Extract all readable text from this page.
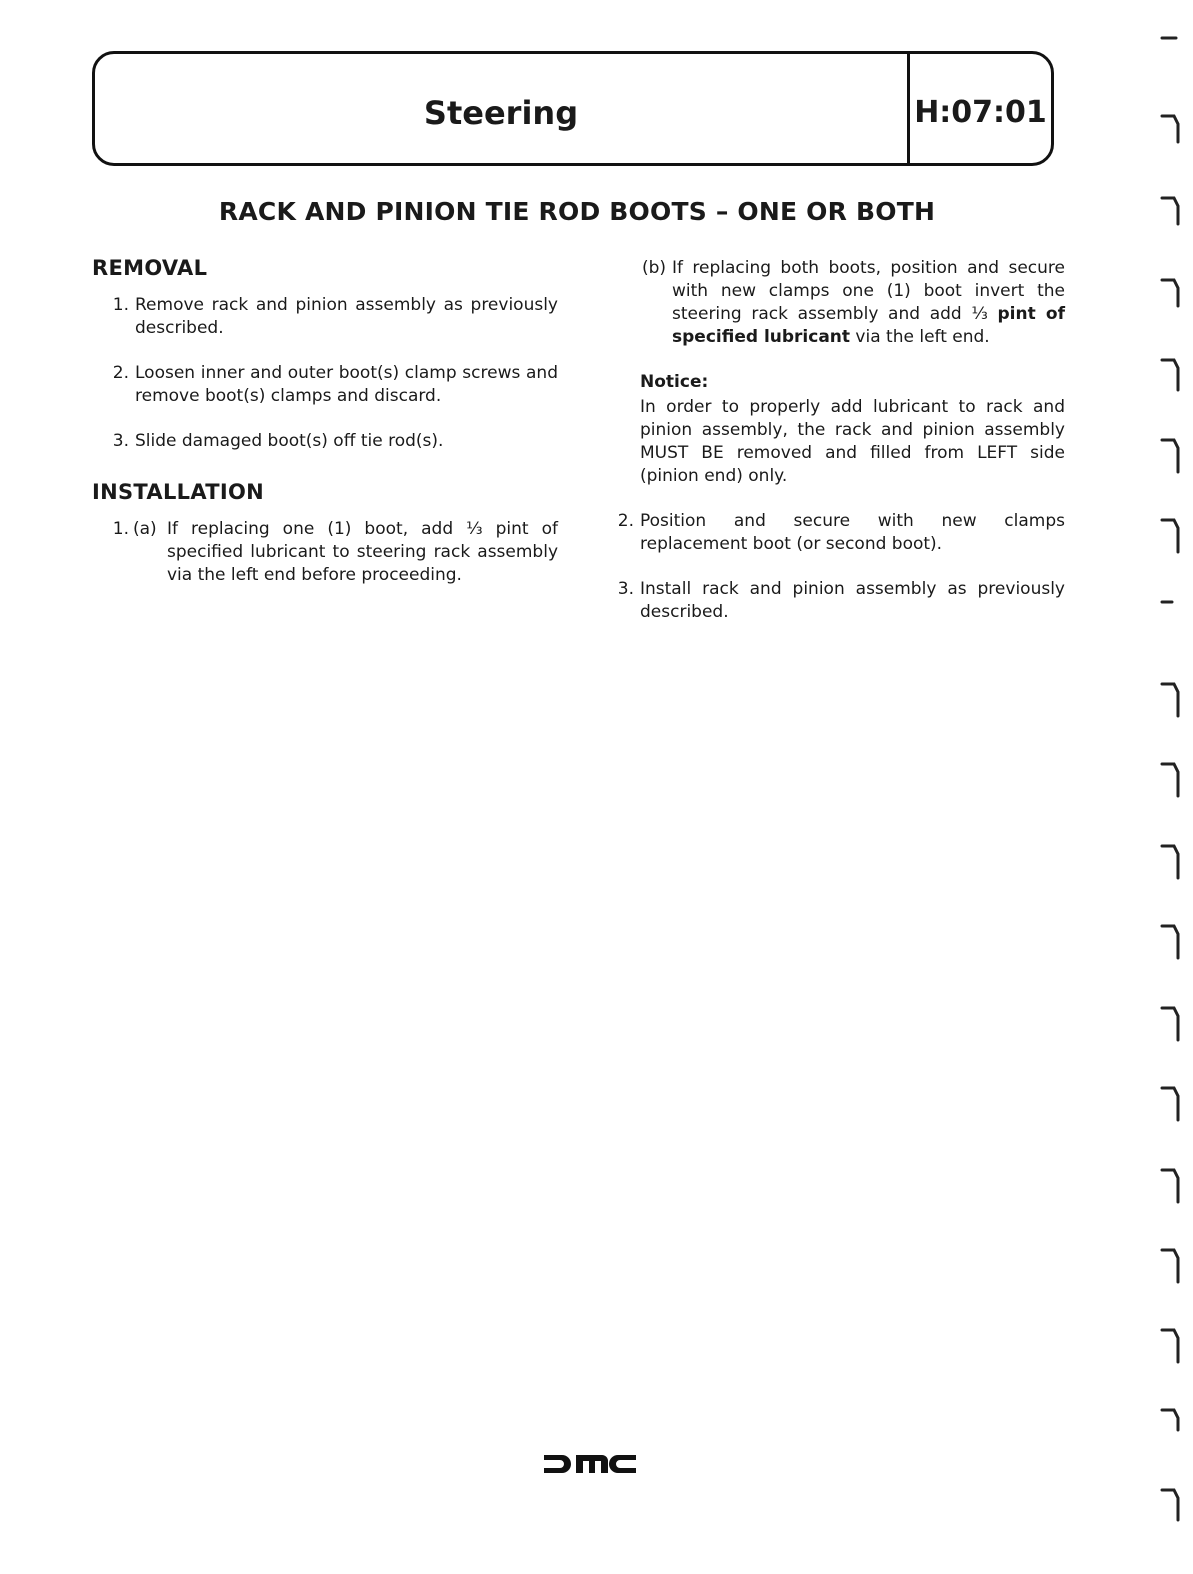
Steering	H:07:01
RACK AND PINION TIE ROD BOOTS – ONE OR BOTH
REMOVAL
1. Remove rack and pinion assembly as previously described.
2. Loosen inner and outer boot(s) clamp screws and remove boot(s) clamps and discard.
3. Slide damaged boot(s) off tie rod(s).
INSTALLATION
1. (a) If replacing one (1) boot, add ⅓ pint of specified lubricant to steering rack assembly via the left end before proceeding.
(b) If replacing both boots, position and secure with new clamps one (1) boot invert the steering rack assembly and add ⅓ pint of specified lubricant via the left end.
Notice:
In order to properly add lubricant to rack and pinion assembly, the rack and pinion assembly MUST BE removed and filled from LEFT side (pinion end) only.
2. Position and secure with new clamps replacement boot (or second boot).
3. Install rack and pinion assembly as previously described.
